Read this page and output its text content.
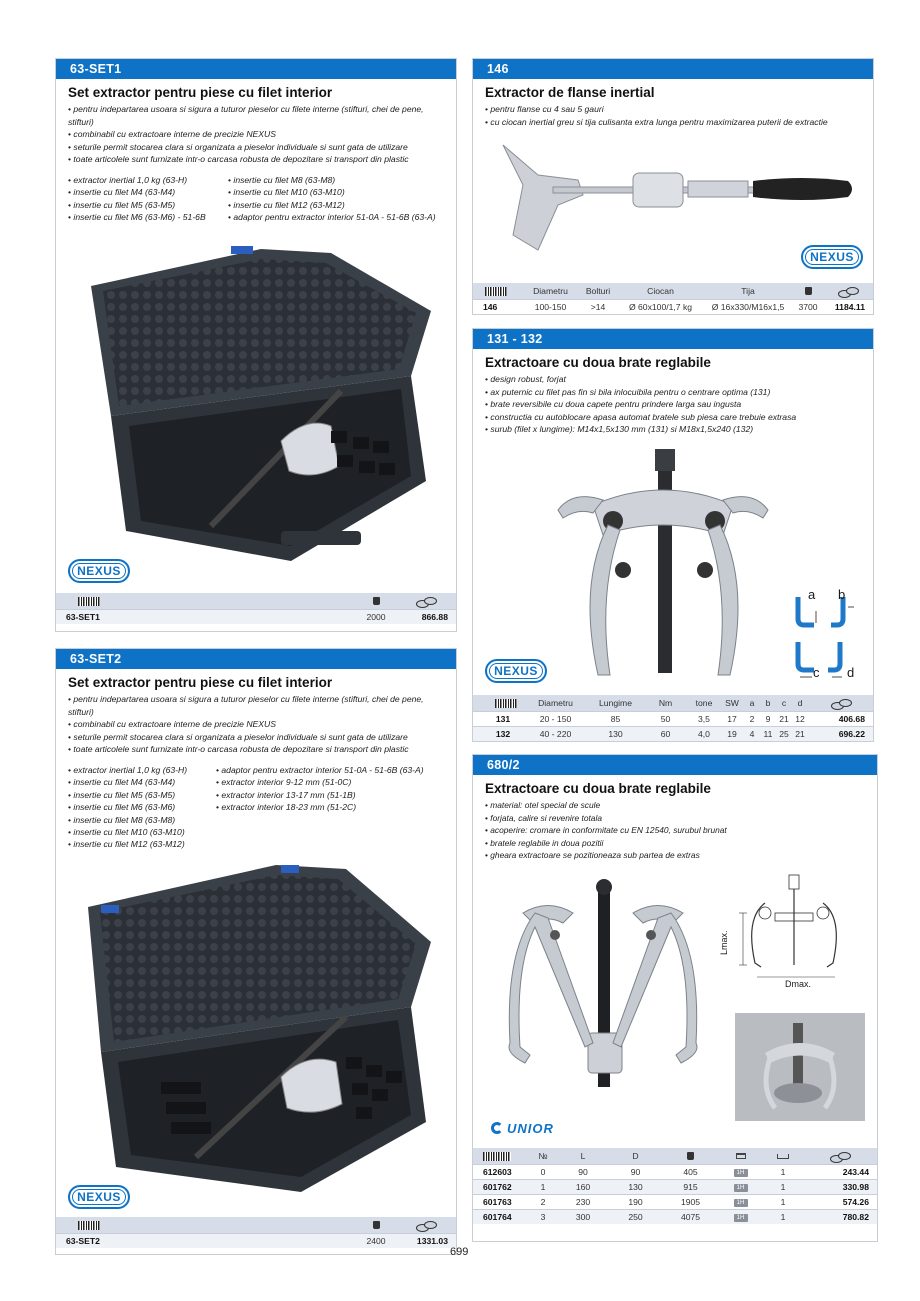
63-SET1
Set extractor pentru piese cu filet interior
• pentru indepartarea usoara si sigura a tuturor pieselor cu filete interne (stifturi, chei de pene, stifturi)
• combinabil cu extractoare interne de precizie NEXUS
• seturile permit stocarea clara si organizata a pieselor individuale si sunt gata de utilizare
• toate articolele sunt furnizate intr-o carcasa robusta de depozitare si transport din plastic
• extractor inertial 1,0 kg (63-H)
• insertie cu filet M4 (63-M4)
• insertie cu filet M5 (63-M5)
• insertie cu filet M6 (63-M6) - 51-6B
• insertie cu filet M8 (63-M8)
• insertie cu filet M10 (63-M10)
• insertie cu filet M12 (63-M12)
• adaptor pentru extractor interior 51-0A - 51-6B (63-A)
NEXUS

63-SET1		2000	866.88
63-SET2
Set extractor pentru piese cu filet interior
• pentru indepartarea usoara si sigura a tuturor pieselor cu filete interne (stifturi, chei de pene, stifturi)
• combinabil cu extractoare interne de precizie NEXUS
• seturile permit stocarea clara si organizata a pieselor individuale si sunt gata de utilizare
• toate articolele sunt furnizate intr-o carcasa robusta de depozitare si transport din plastic
• extractor inertial 1,0 kg (63-H)
• insertie cu filet M4 (63-M4)
• insertie cu filet M5 (63-M5)
• insertie cu filet M6 (63-M6)
• insertie cu filet M8 (63-M8)
• insertie cu filet M10 (63-M10)
• insertie cu filet M12 (63-M12)
• adaptor pentru extractor interior 51-0A - 51-6B (63-A)
• extractor interior 9-12 mm (51-0C)
• extractor interior 13-17 mm (51-1B)
• extractor interior 18-23 mm (51-2C)
NEXUS

63-SET2		2400	1331.03
699
146
Extractor de flanse inertial
• pentru flanse cu 4 sau 5 gauri
• cu ciocan inertial greu si tija culisanta extra lunga pentru maximizarea puterii de extractie
NEXUS
	Diametru	Bolturi	Ciocan	Tija		
146	100-150	>14	Ø 60x100/1,7 kg	Ø 16x330/M16x1,5	3700	1184.11
131 - 132
Extractoare cu doua brate reglabile
• design robust, forjat
• ax puternic cu filet pas fin si bila inlocuibila pentru o centrare optima (131)
• brate reversibile cu doua capete pentru prindere larga sau ingusta
• constructia cu autoblocare apasa automat bratele sub piesa care trebuie extrasa
• surub (filet x lungime): M14x1,5x130 mm (131) si M18x1,5x240 (132)
a b
c d
NEXUS
	Diametru	Lungime	Nm	tone	SW	a	b	c	d	
131	20 - 150	85	50	3,5	17	2	9	21	12	406.68
132	40 - 220	130	60	4,0	19	4	11	25	21	696.22
680/2
Extractoare cu doua brate reglabile
• material: otel special de scule
• forjata, calire si revenire totala
• acoperire: cromare in conformitate cu EN 12540, surubul brunat
• bratele reglabile in doua pozitii
• gheara extractoare se pozitioneaza sub partea de extras
Lmax.
Dmax.
UNIOR
	№	L	D				
612603	0	90	90	405	1H	1	243.44
601762	1	160	130	915	1H	1	330.98
601763	2	230	190	1905	1H	1	574.26
601764	3	300	250	4075	1H	1	780.82
